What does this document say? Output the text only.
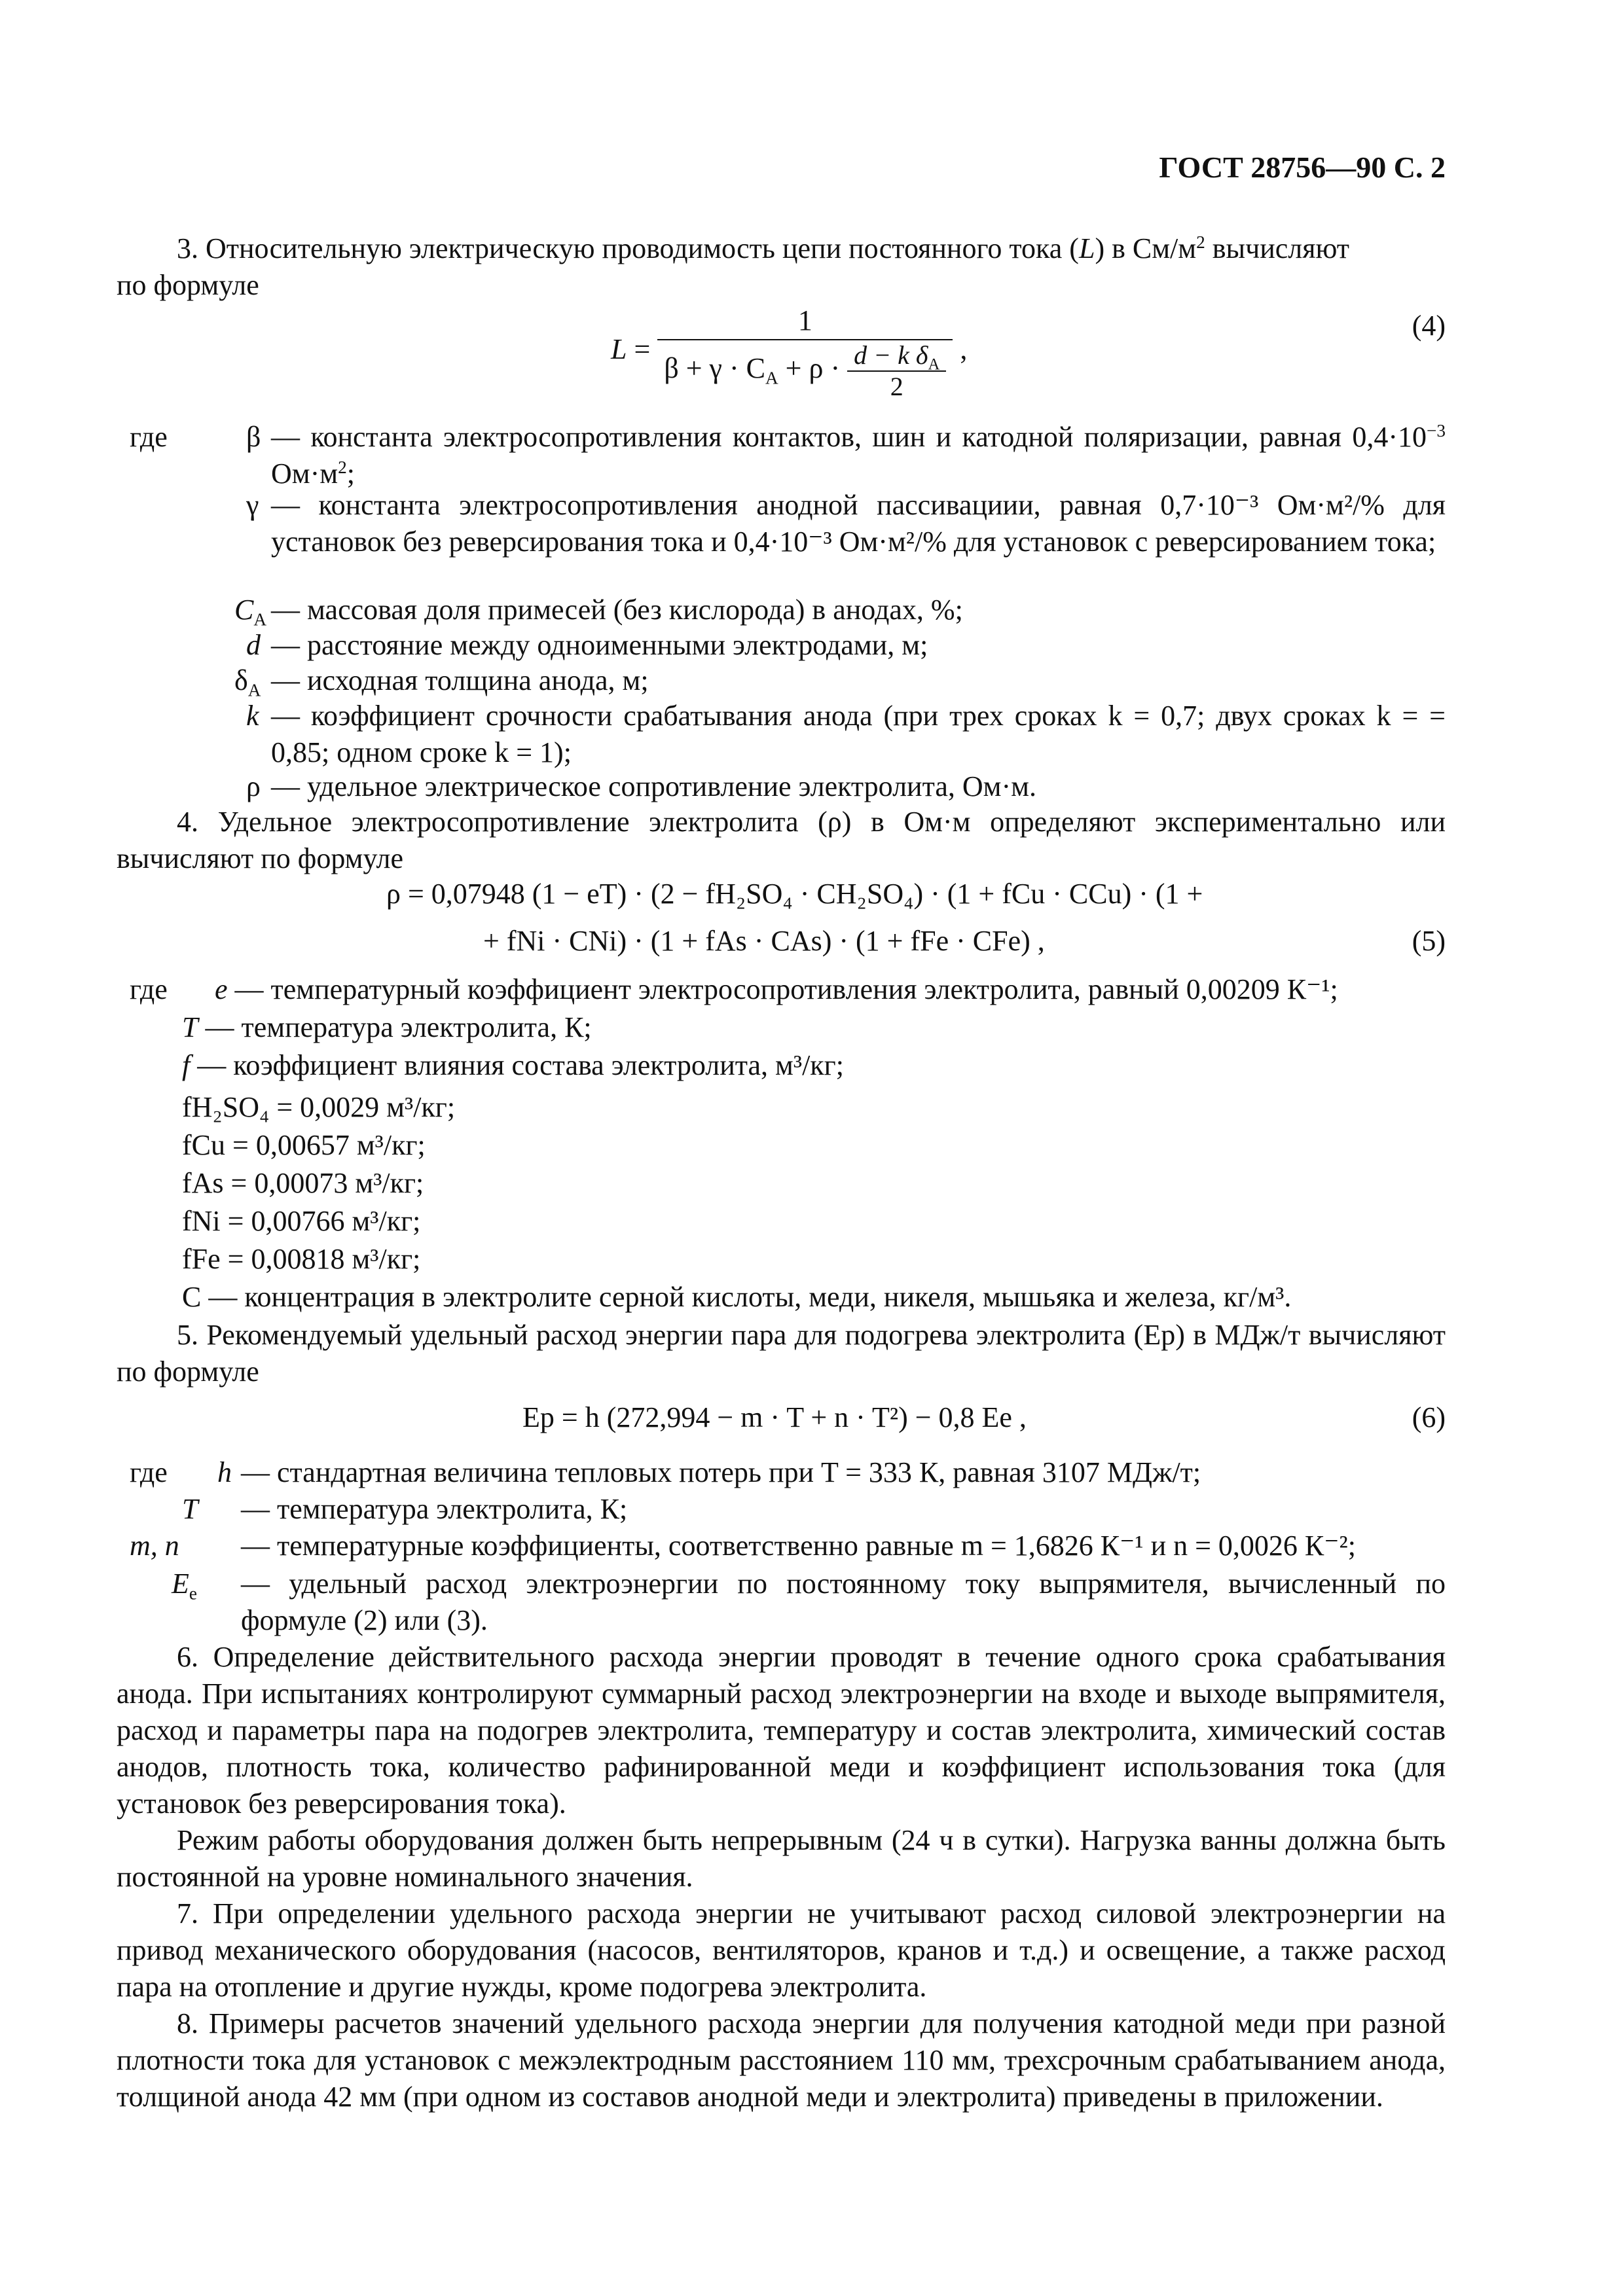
ГОСТ 28756—90 С. 2
3. Относительную электрическую проводимость цепи постоянного тока (L) в $См/м^2$ вычисляют
по формуле
$L = \frac{1}{\beta + \gamma \cdot C_A + \rho \cdot \frac{d - k \delta_A}{2}}$ ,
(4)
где	β — константа электросопротивления контактов, шин и катодной поляризации, равная $0,4\cdot 10^{-3}$ $Ом\cdot м^2$;
γ — константа электросопротивления анодной пассивациии, равная 0,7·10⁻³ Ом·м²/% для установок без реверсирования тока и 0,4·10⁻³ Ом·м²/% для установок с реверсированием тока;
$C_A$ — массовая доля примесей (без кислорода) в анодах, %;
d — расстояние между одноименными электродами, м;
$\delta_A$ — исходная толщина анода, м;
k — коэффициент срочности срабатывания анода (при трех сроках k = 0,7; двух сроках k = = 0,85; одном сроке k = 1);
ρ — удельное электрическое сопротивление электролита, Ом·м.
4. Удельное электросопротивление электролита (ρ) в Ом·м определяют экспериментально или вычисляют по формуле
ρ = 0,07948 (1 − eT) · (2 − fH₂SO₄ · CH₂SO₄) · (1 + fCu · CCu) · (1 +
+ fNi · CNi) · (1 + fAs · CAs) · (1 + fFe · CFe) ,	(5)
где e — температурный коэффициент электросопротивления электролита, равный 0,00209 К⁻¹;
T — температура электролита, К;
f — коэффициент влияния состава электролита, м³/кг;
fH₂SO₄ = 0,0029 м³/кг;
fCu = 0,00657 м³/кг;
fAs = 0,00073 м³/кг;
fNi = 0,00766 м³/кг;
fFe = 0,00818 м³/кг;
C — концентрация в электролите серной кислоты, меди, никеля, мышьяка и железа, кг/м³.
5. Рекомендуемый удельный расход энергии пара для подогрева электролита (Ep) в МДж/т вычисляют по формуле
Ep = h (272,994 − m · T + n · T²) − 0,8 Ee ,	(6)
где h — стандартная величина тепловых потерь при T = 333 К, равная 3107 МДж/т;
T — температура электролита, К;
m, n — температурные коэффициенты, соответственно равные m = 1,6826 К⁻¹ и n = 0,0026 К⁻²;
$E_e$ — удельный расход электроэнергии по постоянному току выпрямителя, вычисленный по формуле (2) или (3).
6. Определение действительного расхода энергии проводят в течение одного срока срабатывания анода. При испытаниях контролируют суммарный расход электроэнергии на входе и выходе выпрямителя, расход и параметры пара на подогрев электролита, температуру и состав электролита, химический состав анодов, плотность тока, количество рафинированной меди и коэффициент использования тока (для установок без реверсирования тока).
Режим работы оборудования должен быть непрерывным (24 ч в сутки). Нагрузка ванны должна быть постоянной на уровне номинального значения.
7. При определении удельного расхода энергии не учитывают расход силовой электроэнергии на привод механического оборудования (насосов, вентиляторов, кранов и т.д.) и освещение, а также расход пара на отопление и другие нужды, кроме подогрева электролита.
8. Примеры расчетов значений удельного расхода энергии для получения катодной меди при разной плотности тока для установок с межэлектродным расстоянием 110 мм, трехсрочным срабатыванием анода, толщиной анода 42 мм (при одном из составов анодной меди и электролита) приведены в приложении.
